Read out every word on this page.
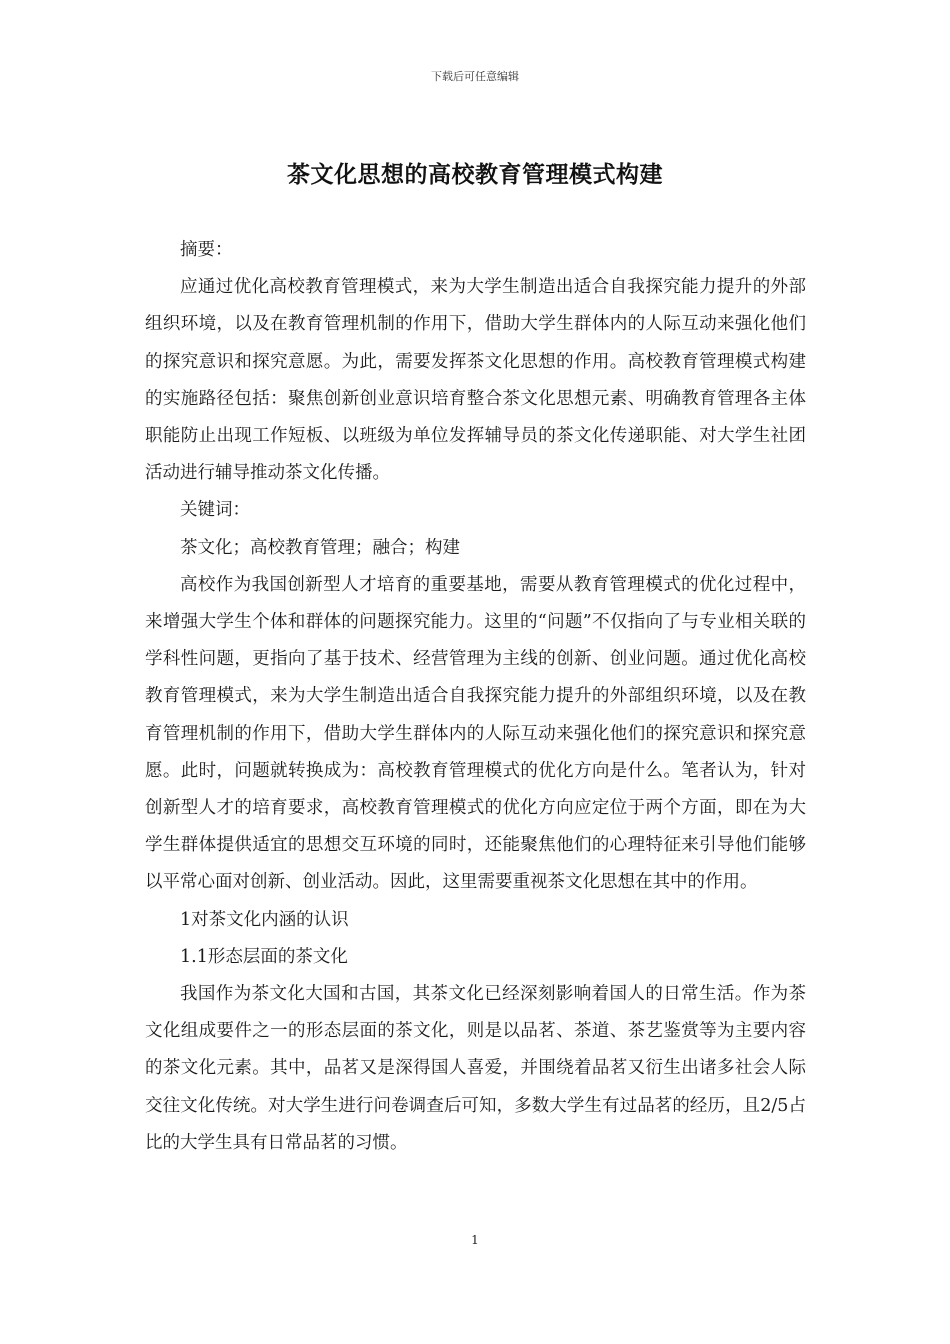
下载后可任意编辑
茶文化思想的高校教育管理模式构建

摘要：

应通过优化高校教育管理模式，来为大学生制造出适合自我探究能力提升的外部组织环境，以及在教育管理机制的作用下，借助大学生群体内的人际互动来强化他们的探究意识和探究意愿。为此，需要发挥茶文化思想的作用。高校教育管理模式构建的实施路径包括：聚焦创新创业意识培育整合茶文化思想元素、明确教育管理各主体职能防止出现工作短板、以班级为单位发挥辅导员的茶文化传递职能、对大学生社团活动进行辅导推动茶文化传播。

关键词：

茶文化；高校教育管理；融合；构建

高校作为我国创新型人才培育的重要基地，需要从教育管理模式的优化过程中，来增强大学生个体和群体的问题探究能力。这里的“问题”不仅指向了与专业相关联的学科性问题，更指向了基于技术、经营管理为主线的创新、创业问题。通过优化高校教育管理模式，来为大学生制造出适合自我探究能力提升的外部组织环境，以及在教育管理机制的作用下，借助大学生群体内的人际互动来强化他们的探究意识和探究意愿。此时，问题就转换成为：高校教育管理模式的优化方向是什么。笔者认为，针对创新型人才的培育要求，高校教育管理模式的优化方向应定位于两个方面，即在为大学生群体提供适宜的思想交互环境的同时，还能聚焦他们的心理特征来引导他们能够以平常心面对创新、创业活动。因此，这里需要重视茶文化思想在其中的作用。

1对茶文化内涵的认识

1.1形态层面的茶文化

我国作为茶文化大国和古国，其茶文化已经深刻影响着国人的日常生活。作为茶文化组成要件之一的形态层面的茶文化，则是以品茗、茶道、茶艺鉴赏等为主要内容的茶文化元素。其中，品茗又是深得国人喜爱，并围绕着品茗又衍生出诸多社会人际交往文化传统。对大学生进行问卷调查后可知，多数大学生有过品茗的经历，且2/5占比的大学生具有日常品茗的习惯。

1
